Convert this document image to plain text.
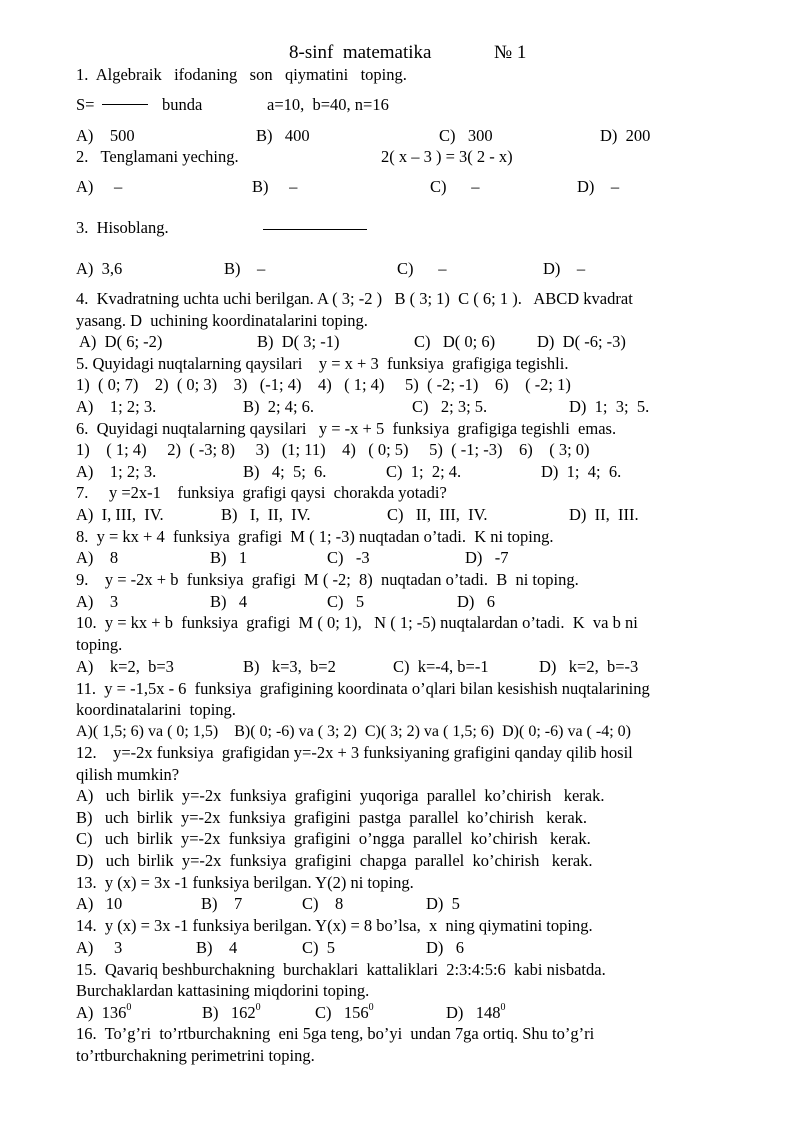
8-sinf  matematika	№ 1
1.  Algebraik   ifodaning   son   qiymatini   toping.
S=	bunda	a=10,  b=40, n=16
A)    500	B)   400	C)   300	D)  200
2.   Tenglamani yeching.	2( x – 3 ) = 3( 2 - x)
A)     –	B)     –	C)      –	D)    –
3.  Hisoblang.
A)  3,6	B)    –	C)      –	D)    –
4.  Kvadratning uchta uchi berilgan. A ( 3; -2 )   B ( 3; 1)  C ( 6; 1 ).   ABCD kvadrat
yasang. D  uchining koordinatalarini toping.
A)  D( 6; -2)	B)  D( 3; -1)	C)   D( 0; 6)	D)  D( -6; -3)
5. Quyidagi nuqtalarning qaysilari    y = x + 3  funksiya  grafigiga tegishli.
1)  ( 0; 7)    2)  ( 0; 3)    3)   (-1; 4)    4)   ( 1; 4)     5)  ( -2; -1)    6)    ( -2; 1)
A)    1; 2; 3.	B)  2; 4; 6.	C)   2; 3; 5.	D)  1;  3;  5.
6.  Quyidagi nuqtalarning qaysilari   y = -x + 5  funksiya  grafigiga tegishli  emas.
1)    ( 1; 4)     2)  ( -3; 8)     3)   (1; 11)    4)   ( 0; 5)     5)  ( -1; -3)    6)    ( 3; 0)
A)    1; 2; 3.	B)   4;  5;  6.	C)  1;  2; 4.	D)  1;  4;  6.
7.     y =2x-1    funksiya  grafigi qaysi  chorakda yotadi?
A)  I, III,  IV.	B)   I,  II,  IV.	C)   II,  III,  IV.	D)  II,  III.
8.  y = kx + 4  funksiya  grafigi  M ( 1; -3) nuqtadan o’tadi.  K ni toping.
A)    8	B)   1	C)   -3	D)   -7
9.    y = -2x + b  funksiya  grafigi  M ( -2;  8)  nuqtadan o’tadi.  B  ni toping.
A)    3	B)   4	C)   5	D)   6
10.  y = kx + b  funksiya  grafigi  M ( 0; 1),   N ( 1; -5) nuqtalardan o’tadi.  K  va b ni
toping.
A)    k=2,  b=3	B)   k=3,  b=2	C)  k=-4, b=-1	D)   k=2,  b=-3
11.  y = -1,5x - 6  funksiya  grafigining koordinata o’qlari bilan kesishish nuqtalarining
koordinatalarini  toping.
A)( 1,5; 6) va ( 0; 1,5)    B)( 0; -6) va ( 3; 2)  C)( 3; 2) va ( 1,5; 6)  D)( 0; -6) va ( -4; 0)
12.    y=-2x funksiya  grafigidan y=-2x + 3 funksiyaning grafigini qanday qilib hosil
qilish mumkin?
A)   uch  birlik  y=-2x  funksiya  grafigini  yuqoriga  parallel  ko’chirish   kerak.
B)   uch  birlik  y=-2x  funksiya  grafigini  pastga  parallel  ko’chirish   kerak.
C)   uch  birlik  y=-2x  funksiya  grafigini  o’ngga  parallel  ko’chirish   kerak.
D)   uch  birlik  y=-2x  funksiya  grafigini  chapga  parallel  ko’chirish   kerak.
13.  y (x) = 3x -1 funksiya berilgan. Y(2) ni toping.
A)   10	B)    7	C)    8	D)  5
14.  y (x) = 3x -1 funksiya berilgan. Y(x) = 8 bo’lsa,  x  ning qiymatini toping.
A)     3	B)    4	C)  5	D)   6
15.  Qavariq beshburchakning  burchaklari  kattaliklari  2:3:4:5:6  kabi nisbatda.
Burchaklardan kattasining miqdorini toping.
A)  $136^0$	B)   $162^0$	C)   $156^0$	D)   $148^0$
16.  To’g’ri  to’rtburchakning  eni 5ga teng, bo’yi  undan 7ga ortiq. Shu to’g’ri
to’rtburchakning perimetrini toping.
